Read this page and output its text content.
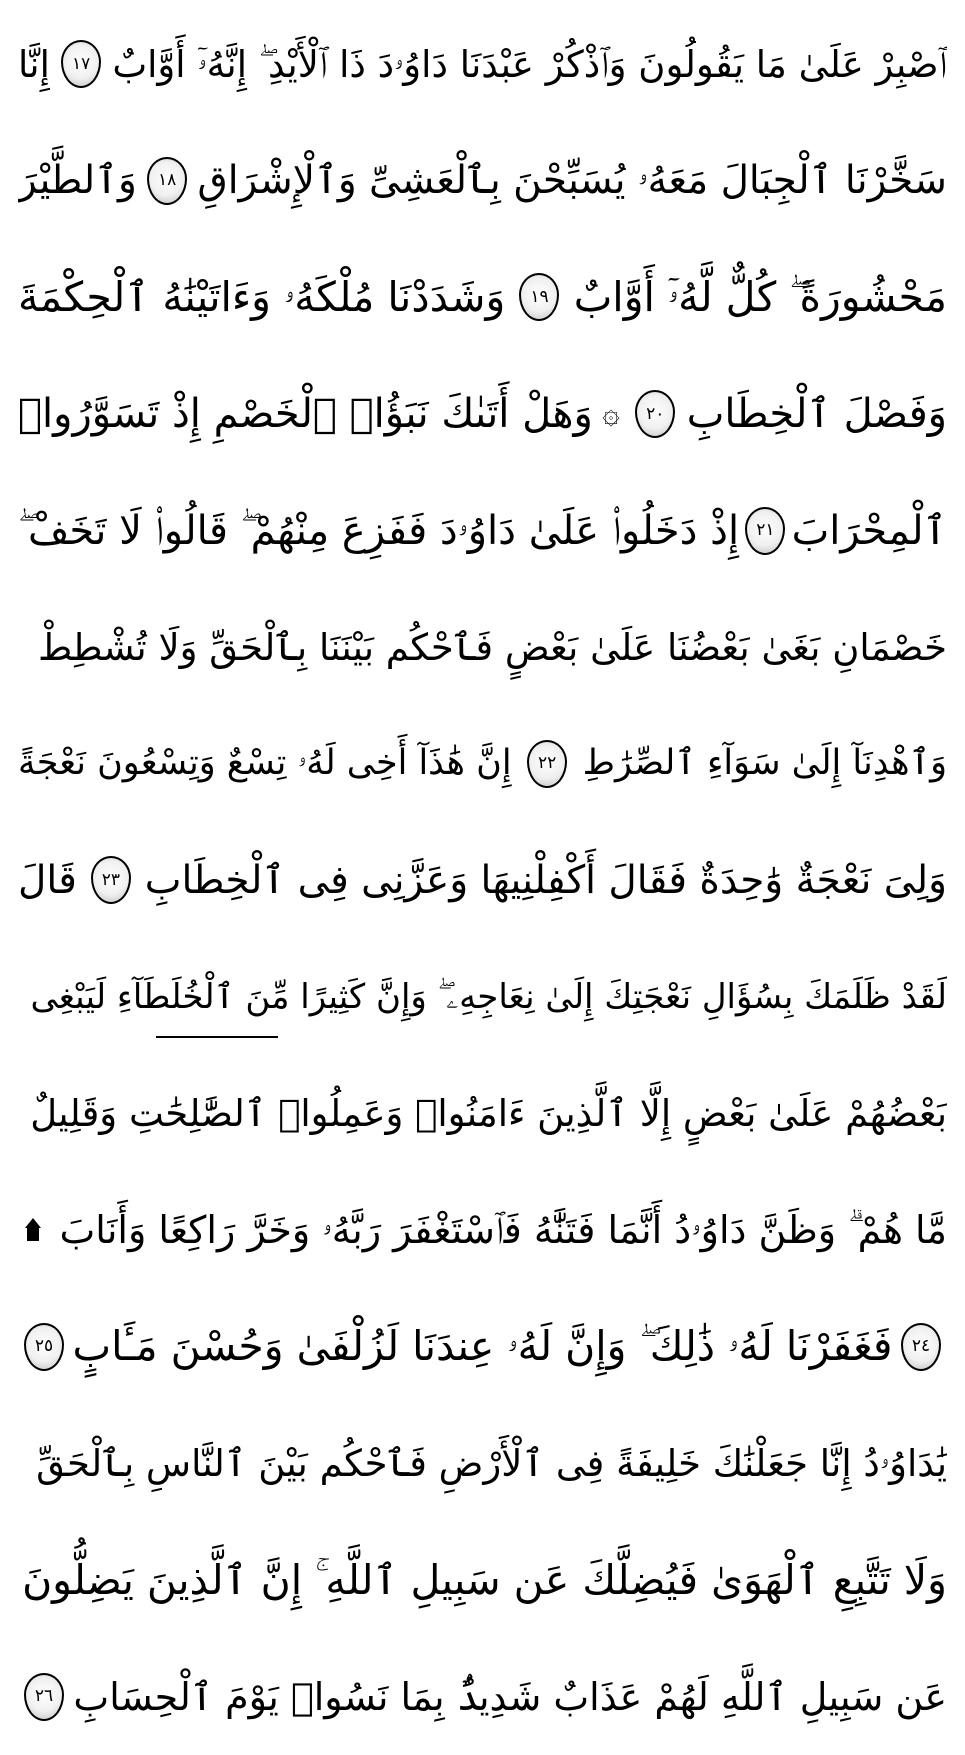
ٱصْبِرْ عَلَىٰ مَا يَقُولُونَ وَٱذْكُرْ عَبْدَنَا دَاوُۥدَ ذَا ٱلْأَيْدِ ۖ إِنَّهُۥٓ أَوَّابٌ
١٧
إِنَّا
سَخَّرْنَا ٱلْجِبَالَ مَعَهُۥ يُسَبِّحْنَ بِٱلْعَشِىِّ وَٱلْإِشْرَاقِ
١٨
وَٱلطَّيْرَ
مَحْشُورَةً ۖ كُلٌّ لَّهُۥٓ أَوَّابٌ
١٩
وَشَدَدْنَا مُلْكَهُۥ وَءَاتَيْنَٰهُ ٱلْحِكْمَةَ
وَفَصْلَ ٱلْخِطَابِ
٢٠
۞
وَهَلْ أَتَىٰكَ نَبَؤُا۟ ٱلْخَصْمِ إِذْ تَسَوَّرُوا۟
ٱلْمِحْرَابَ
٢١
إِذْ دَخَلُوا۟ عَلَىٰ دَاوُۥدَ فَفَزِعَ مِنْهُمْ ۖ قَالُوا۟ لَا تَخَفْ ۖ
خَصْمَانِ بَغَىٰ بَعْضُنَا عَلَىٰ بَعْضٍ فَٱحْكُم بَيْنَنَا بِٱلْحَقِّ وَلَا تُشْطِطْ
وَٱهْدِنَآ إِلَىٰ سَوَآءِ ٱلصِّرَٰطِ
٢٢
إِنَّ هَٰذَآ أَخِى لَهُۥ تِسْعٌ وَتِسْعُونَ نَعْجَةً
وَلِىَ نَعْجَةٌ وَٰحِدَةٌ فَقَالَ أَكْفِلْنِيهَا وَعَزَّنِى فِى ٱلْخِطَابِ
٢٣
قَالَ
لَقَدْ ظَلَمَكَ بِسُؤَالِ نَعْجَتِكَ إِلَىٰ نِعَاجِهِۦ ۖ وَإِنَّ كَثِيرًا مِّنَ ٱلْخُلَطَآءِ لَيَبْغِى
بَعْضُهُمْ عَلَىٰ بَعْضٍ إِلَّا ٱلَّذِينَ ءَامَنُوا۟ وَعَمِلُوا۟ ٱلصَّٰلِحَٰتِ وَقَلِيلٌ
مَّا هُمْ ۗ وَظَنَّ دَاوُۥدُ أَنَّمَا فَتَنَّٰهُ فَٱسْتَغْفَرَ رَبَّهُۥ وَخَرَّ رَاكِعًا وَأَنَابَ
٢٤
فَغَفَرْنَا لَهُۥ ذَٰلِكَ ۖ وَإِنَّ لَهُۥ عِندَنَا لَزُلْفَىٰ وَحُسْنَ مَـَٔابٍ
٢٥
يَٰدَاوُۥدُ إِنَّا جَعَلْنَٰكَ خَلِيفَةً فِى ٱلْأَرْضِ فَٱحْكُم بَيْنَ ٱلنَّاسِ بِٱلْحَقِّ
وَلَا تَتَّبِعِ ٱلْهَوَىٰ فَيُضِلَّكَ عَن سَبِيلِ ٱللَّهِ ۚ إِنَّ ٱلَّذِينَ يَضِلُّونَ
عَن سَبِيلِ ٱللَّهِ لَهُمْ عَذَابٌ شَدِيدٌۢ بِمَا نَسُوا۟ يَوْمَ ٱلْحِسَابِ
٢٦
